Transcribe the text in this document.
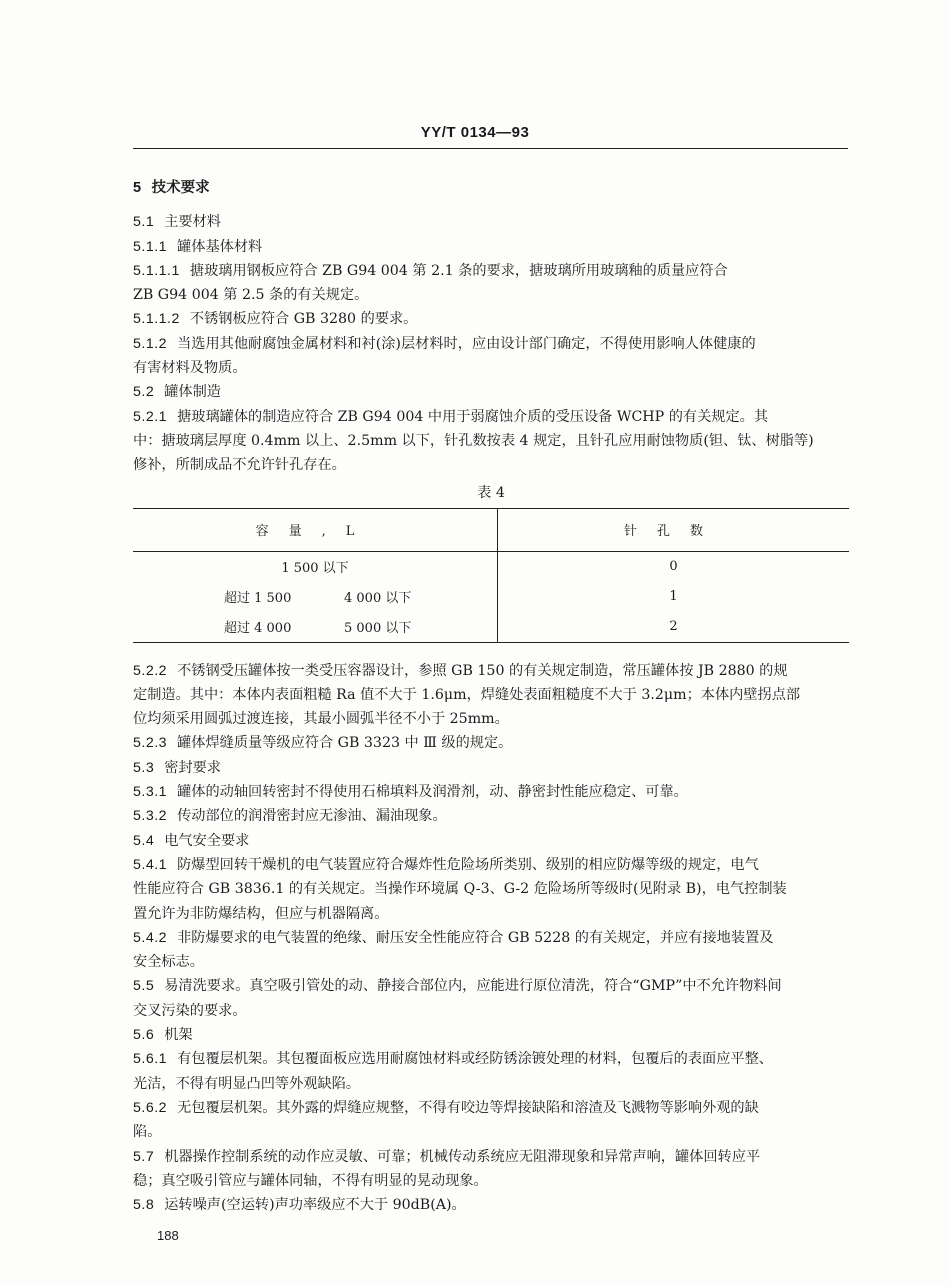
YY/T 0134—93
5 技术要求
5.1 主要材料
5.1.1 罐体基体材料
5.1.1.1 搪玻璃用钢板应符合 ZB G94 004 第 2.1 条的要求，搪玻璃所用玻璃釉的质量应符合
ZB G94 004 第 2.5 条的有关规定。
5.1.1.2 不锈钢板应符合 GB 3280 的要求。
5.1.2 当选用其他耐腐蚀金属材料和衬(涂)层材料时，应由设计部门确定，不得使用影响人体健康的
有害材料及物质。
5.2 罐体制造
5.2.1 搪玻璃罐体的制造应符合 ZB G94 004 中用于弱腐蚀介质的受压设备 WCHP 的有关规定。其
中：搪玻璃层厚度 0.4mm 以上、2.5mm 以下，针孔数按表 4 规定，且针孔应用耐蚀物质(钽、钛、树脂等)
修补，所制成品不允许针孔存在。
表 4
容量,L	针孔数
1 500 以下	0

超过 1 500 4 000 以下	1

超过 4 000 5 000 以下	2
5.2.2 不锈钢受压罐体按一类受压容器设计，参照 GB 150 的有关规定制造，常压罐体按 JB 2880 的规
定制造。其中：本体内表面粗糙 Ra 值不大于 1.6μm，焊缝处表面粗糙度不大于 3.2μm；本体内壁拐点部
位均须采用圆弧过渡连接，其最小圆弧半径不小于 25mm。
5.2.3 罐体焊缝质量等级应符合 GB 3323 中 Ⅲ 级的规定。
5.3 密封要求
5.3.1 罐体的动轴回转密封不得使用石棉填料及润滑剂，动、静密封性能应稳定、可靠。
5.3.2 传动部位的润滑密封应无渗油、漏油现象。
5.4 电气安全要求
5.4.1 防爆型回转干燥机的电气装置应符合爆炸性危险场所类别、级别的相应防爆等级的规定，电气
性能应符合 GB 3836.1 的有关规定。当操作环境属 Q-3、G-2 危险场所等级时(见附录 B)，电气控制装
置允许为非防爆结构，但应与机器隔离。
5.4.2 非防爆要求的电气装置的绝缘、耐压安全性能应符合 GB 5228 的有关规定，并应有接地装置及
安全标志。
5.5 易清洗要求。真空吸引管处的动、静接合部位内，应能进行原位清洗，符合“GMP”中不允许物料间
交叉污染的要求。
5.6 机架
5.6.1 有包覆层机架。其包覆面板应选用耐腐蚀材料或经防锈涂镀处理的材料，包覆后的表面应平整、
光洁，不得有明显凸凹等外观缺陷。
5.6.2 无包覆层机架。其外露的焊缝应规整，不得有咬边等焊接缺陷和溶渣及飞溅物等影响外观的缺
陷。
5.7 机器操作控制系统的动作应灵敏、可靠；机械传动系统应无阻滞现象和异常声响，罐体回转应平
稳；真空吸引管应与罐体同轴，不得有明显的晃动现象。
5.8 运转噪声(空运转)声功率级应不大于 90dB(A)。
188
